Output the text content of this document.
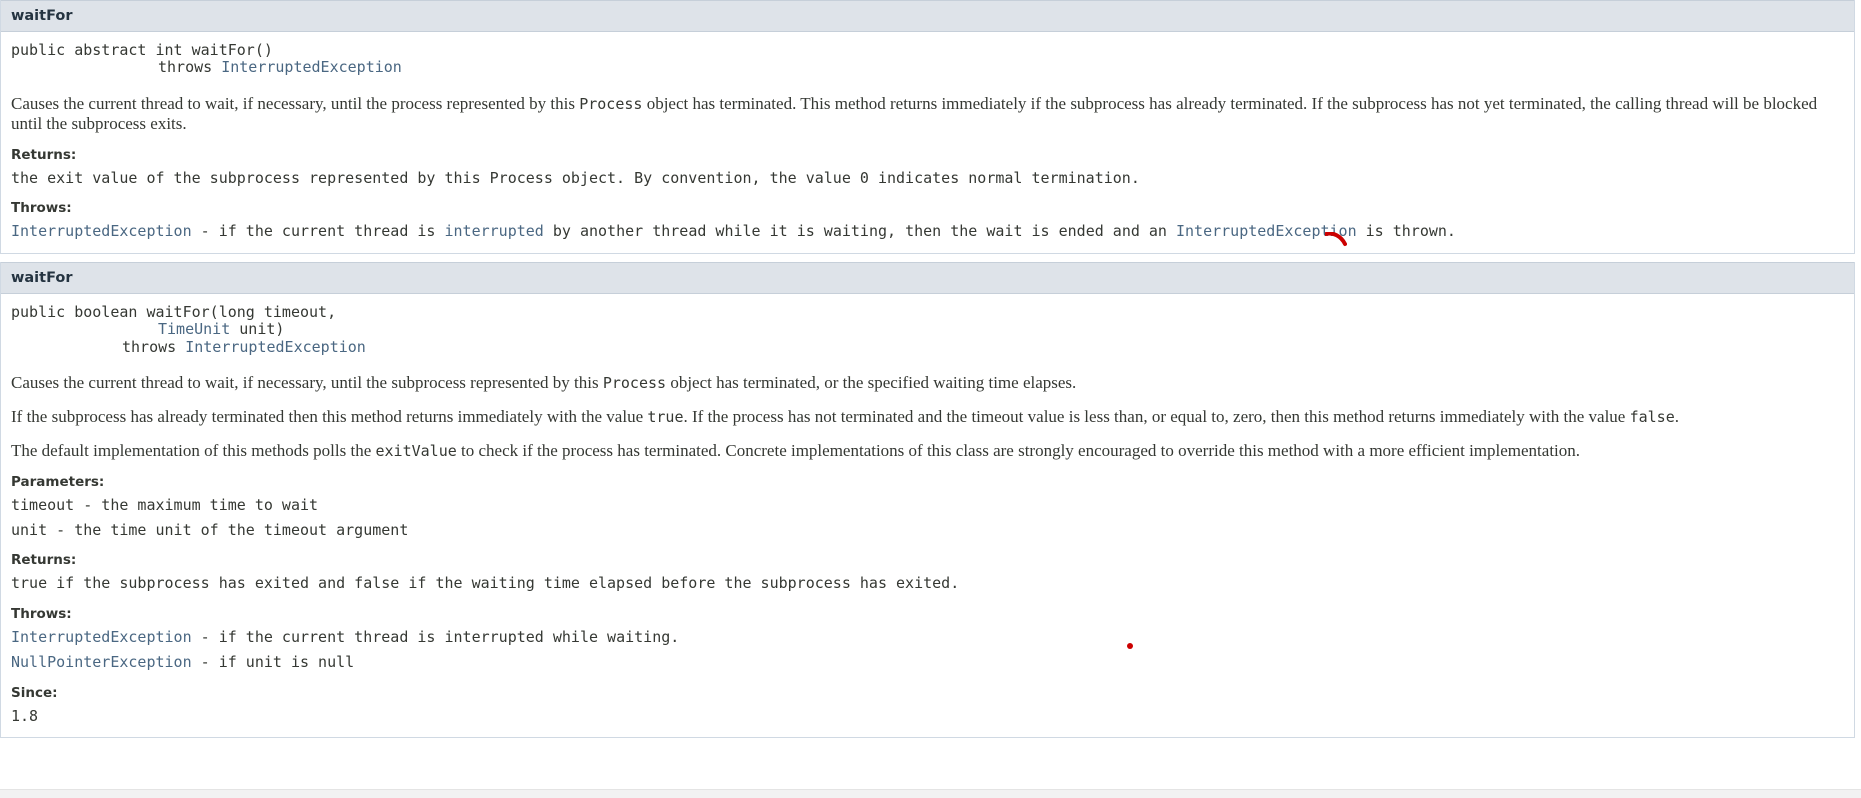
waitFor
public abstract int waitFor()
throws InterruptedException

Causes the current thread to wait, if necessary, until the process represented by this Process object has terminated. This method returns immediately if the subprocess has already terminated. If the subprocess has not yet terminated, the calling thread will be blocked until the subprocess exits.

Returns:
the exit value of the subprocess represented by this Process object. By convention, the value 0 indicates normal termination.
Throws:
InterruptedException - if the current thread is interrupted by another thread while it is waiting, then the wait is ended and an InterruptedException is thrown.
waitFor
public boolean waitFor(long timeout,
TimeUnit unit)
throws InterruptedException

Causes the current thread to wait, if necessary, until the subprocess represented by this Process object has terminated, or the specified waiting time elapses.

If the subprocess has already terminated then this method returns immediately with the value true. If the process has not terminated and the timeout value is less than, or equal to, zero, then this method returns immediately with the value false.

The default implementation of this methods polls the exitValue to check if the process has terminated. Concrete implementations of this class are strongly encouraged to override this method with a more efficient implementation.

Parameters:
timeout - the maximum time to wait
unit - the time unit of the timeout argument
Returns:
true if the subprocess has exited and false if the waiting time elapsed before the subprocess has exited.
Throws:
InterruptedException - if the current thread is interrupted while waiting.
NullPointerException - if unit is null
Since:
1.8
